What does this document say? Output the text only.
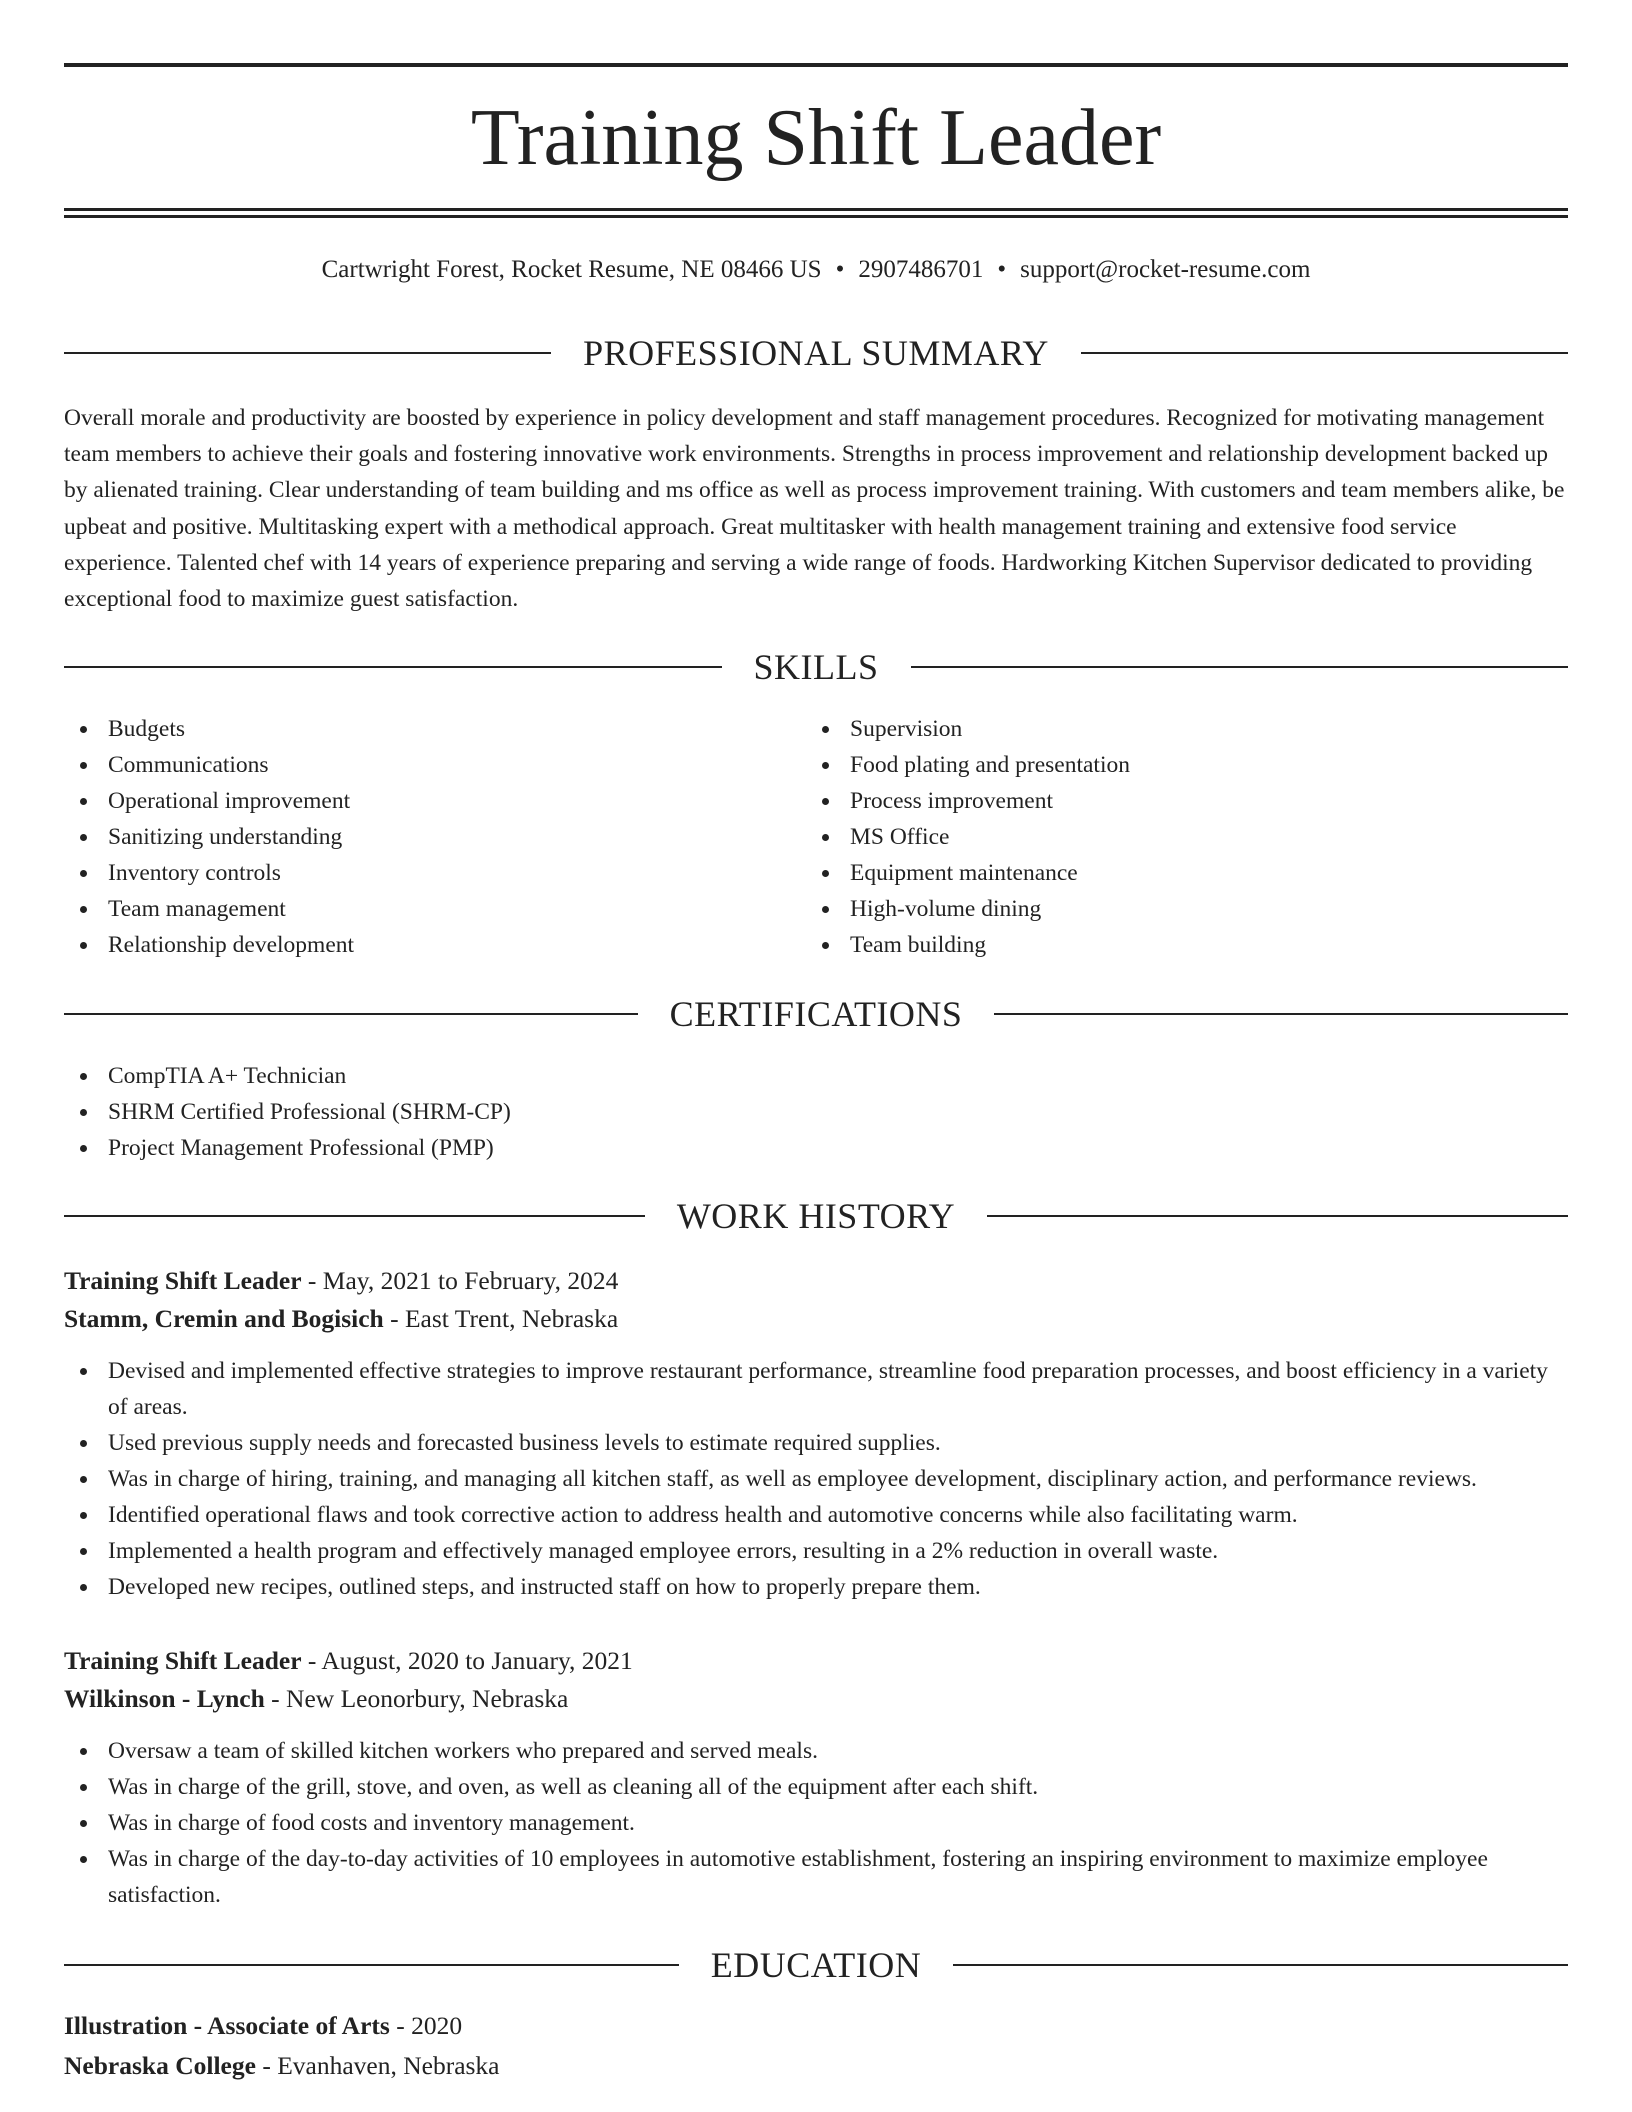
Training Shift Leader
Cartwright Forest, Rocket Resume, NE 08466 US • 2907486701 • support@rocket-resume.com
PROFESSIONAL SUMMARY

Overall morale and productivity are boosted by experience in policy development and staff management procedures. Recognized for motivating management team members to achieve their goals and fostering innovative work environments. Strengths in process improvement and relationship development backed up by alienated training. Clear understanding of team building and ms office as well as process improvement training. With customers and team members alike, be upbeat and positive. Multitasking expert with a methodical approach. Great multitasker with health management training and extensive food service experience. Talented chef with 14 years of experience preparing and serving a wide range of foods. Hardworking Kitchen Supervisor dedicated to providing exceptional food to maximize guest satisfaction.

SKILLS
Budgets
Communications
Operational improvement
Sanitizing understanding
Inventory controls
Team management
Relationship development
Supervision
Food plating and presentation
Process improvement
MS Office
Equipment maintenance
High-volume dining
Team building
CERTIFICATIONS
CompTIA A+ Technician
SHRM Certified Professional (SHRM-CP)
Project Management Professional (PMP)
WORK HISTORY
Training Shift Leader - May, 2021 to February, 2024
Stamm, Cremin and Bogisich - East Trent, Nebraska
Devised and implemented effective strategies to improve restaurant performance, streamline food preparation processes, and boost efficiency in a variety of areas.
Used previous supply needs and forecasted business levels to estimate required supplies.
Was in charge of hiring, training, and managing all kitchen staff, as well as employee development, disciplinary action, and performance reviews.
Identified operational flaws and took corrective action to address health and automotive concerns while also facilitating warm.
Implemented a health program and effectively managed employee errors, resulting in a 2% reduction in overall waste.
Developed new recipes, outlined steps, and instructed staff on how to properly prepare them.
Training Shift Leader - August, 2020 to January, 2021
Wilkinson - Lynch - New Leonorbury, Nebraska
Oversaw a team of skilled kitchen workers who prepared and served meals.
Was in charge of the grill, stove, and oven, as well as cleaning all of the equipment after each shift.
Was in charge of food costs and inventory management.
Was in charge of the day-to-day activities of 10 employees in automotive establishment, fostering an inspiring environment to maximize employee satisfaction.
EDUCATION
Illustration - Associate of Arts - 2020
Nebraska College - Evanhaven, Nebraska
